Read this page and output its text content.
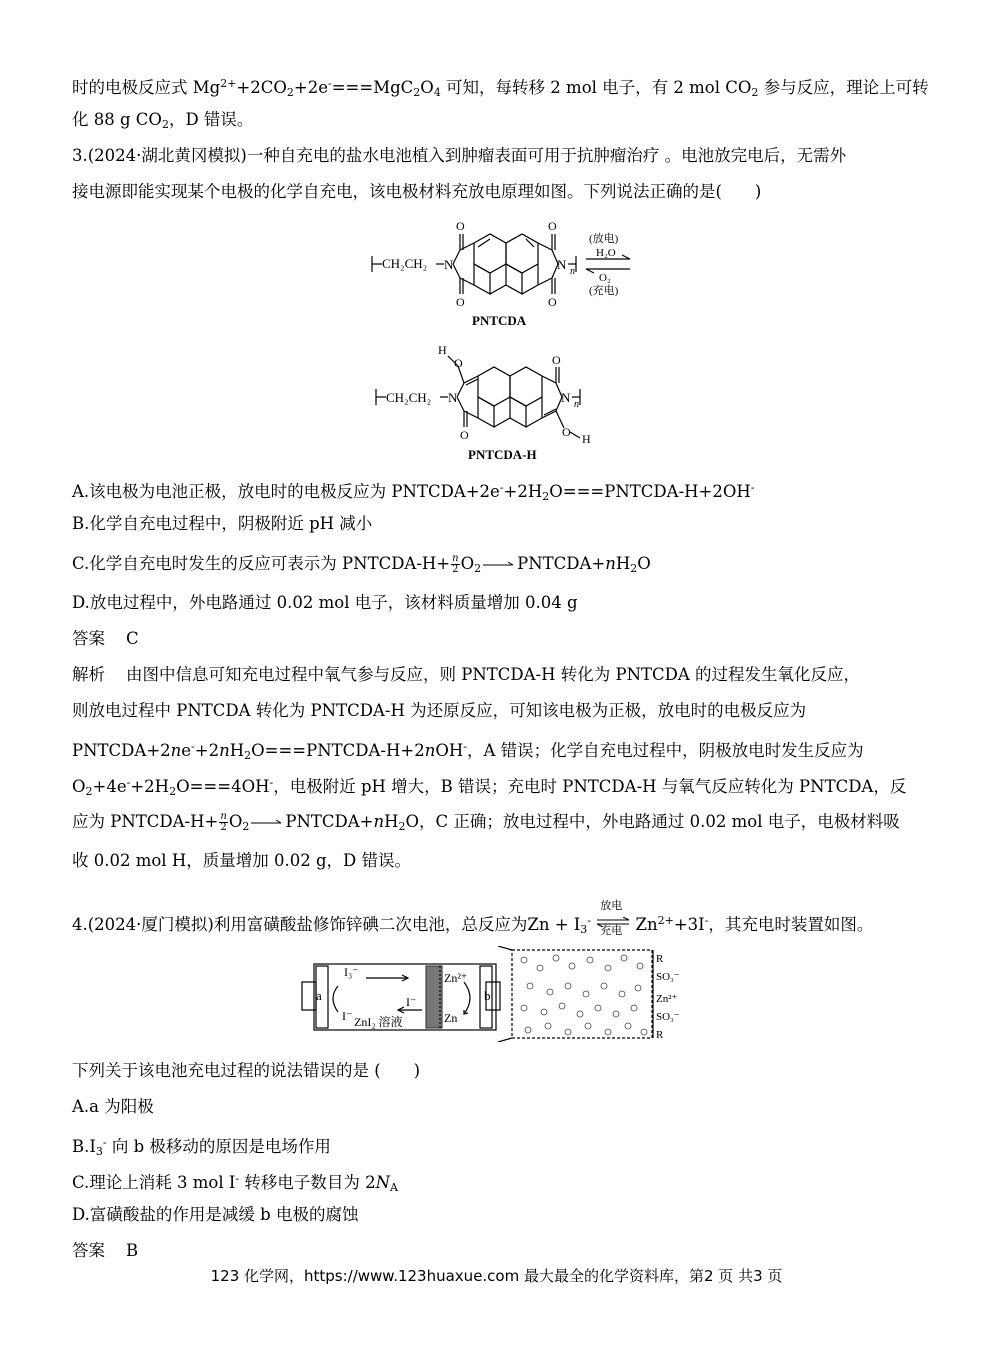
时的电极反应式 $Mg^{2+}+2CO_2+2e^-===MgC_2O_4$ 可知，每转移 2 mol 电子，有 2 mol $CO_2$ 参与反应，理论上可转
化 88 g $CO_2$，D 错误。
3.(2024·湖北黄冈模拟)一种自充电的盐水电池植入到肿瘤表面可用于抗肿瘤治疗 。电池放完电后，无需外
接电源即能实现某个电极的化学自充电，该电极材料充放电原理如图。下列说法正确的是(　　)
CH₂CH₂ N	N
O
O
O
O
n
(放电)
H₂O
O₂
(充电)
PNTCDA
H
O
CH₂CH₂ N	N
O
O
O H
n
PNTCDA-H
A.该电极为电池正极，放电时的电极反应为 $PNTCDA+2e^-+2H_2O===PNTCDA-H+2OH^-$
B.化学自充电过程中，阴极附近 pH 减小
C.化学自充电时发生的反应可表示为 PNTCDA-H+ $\frac{n}{2} O_2$ → $PNTCDA+nH_2O$
D.放电过程中，外电路通过 0.02 mol 电子，该材料质量增加 0.04 g
答案 C
解析 由图中信息可知充电过程中氧气参与反应，则 PNTCDA-H 转化为 PNTCDA 的过程发生氧化反应，
则放电过程中 PNTCDA 转化为 PNTCDA-H 为还原反应，可知该电极为正极，放电时的电极反应为
$PNTCDA+2ne^-+2nH_2O===PNTCDA-H+2nOH^-$，A 错误；化学自充电过程中，阴极放电时发生反应为
$O_2+4e^-+2H_2O===4OH^-$，电极附近 pH 增大，B 错误；充电时 PNTCDA-H 与氧气反应转化为 PNTCDA，反
应为 PNTCDA-H+ $\frac{n}{2} O_2$ → $PNTCDA+nH_2O$，C 正确；放电过程中，外电路通过 0.02 mol 电子，电极材料吸
收 0.02 mol H，质量增加 0.02 g，D 错误。
4.(2024·厦门模拟)利用富磺酸盐修饰锌碘二次电池，总反应为$Zn + I_3^-$
放电
充电 $Zn^{2+}+3I^-$，其充电时装置如图。
a	b
I₃⁻
I⁻
I⁻ ZnI₂ 溶液
Zn²⁺
Zn
R
SO₃⁻
Zn²⁺
SO₃⁻
R
下列关于该电池充电过程的说法错误的是 (　　)
A.a 为阳极
$B.I_3^-$ 向 b 极移动的原因是电场作用
C.理论上消耗 3 mol I- 转移电子数目为 $2N_A$
D.富磺酸盐的作用是减缓 b 电极的腐蚀
答案 B
123 化学网，https://www.123huaxue.com 最大最全的化学资料库，第2 页 共3 页
